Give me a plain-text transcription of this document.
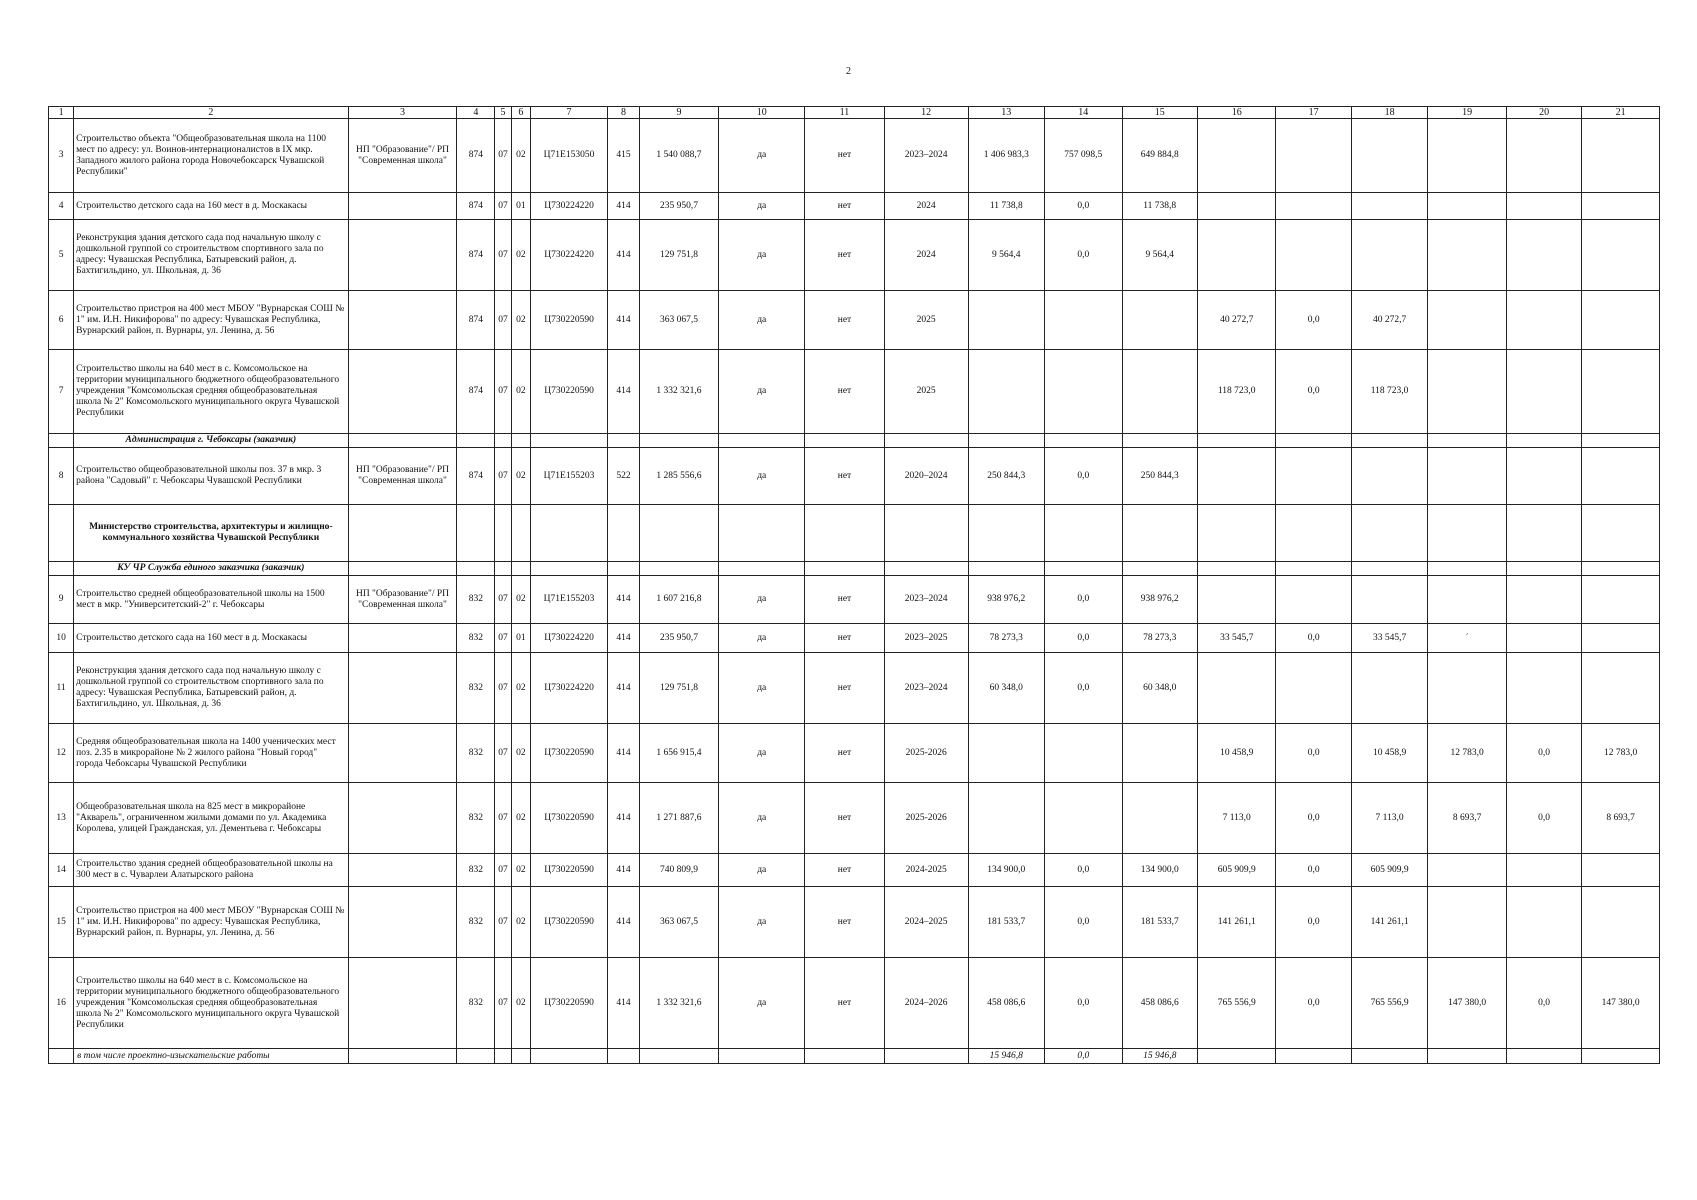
2
1	2	3	4	5	6	7	8	9	10	11	12	13	14	15	16	17	18	19	20	21
3	Строительство объекта "Общеобразовательная школа на 1100 мест по адресу: ул. Воинов-интернационалистов в IX мкр. Западного жилого района города Новочебоксарск Чувашской Республики"	НП "Образование"/ РП "Современная школа"	874	07	02	Ц71Е153050	415	1 540 088,7	да	нет	2023–2024	1 406 983,3	757 098,5	649 884,8						
4	Строительство детского сада на 160 мест в д. Москакасы		874	07	01	Ц730224220	414	235 950,7	да	нет	2024	11 738,8	0,0	11 738,8						
5	Реконструкция здания детского сада под начальную школу с дошкольной группой со строительством спортивного зала по адресу: Чувашская Республика, Батыревский район, д. Бахтигильдино, ул. Школьная, д. 36		874	07	02	Ц730224220	414	129 751,8	да	нет	2024	9 564,4	0,0	9 564,4						
6	Строительство пристроя на 400 мест МБОУ "Вурнарская СОШ № 1" им. И.Н. Никифорова" по адресу: Чувашская Республика, Вурнарский район, п. Вурнары, ул. Ленина, д. 56		874	07	02	Ц730220590	414	363 067,5	да	нет	2025				40 272,7	0,0	40 272,7			
7	Строительство школы на 640 мест в с. Комсомольское на территории муниципального бюджетного общеобразовательного учреждения "Комсомольская средняя общеобразовательная школа № 2" Комсомольского муниципального округа Чувашской Республики		874	07	02	Ц730220590	414	1 332 321,6	да	нет	2025				118 723,0	0,0	118 723,0			
	Администрация г. Чебоксары (заказчик)																			
8	Строительство общеобразовательной школы поз. 37 в мкр. 3 района "Садовый" г. Чебоксары Чувашской Республики	НП "Образование"/ РП "Современная школа"	874	07	02	Ц71Е155203	522	1 285 556,6	да	нет	2020–2024	250 844,3	0,0	250 844,3						
	Министерство строительства, архитектуры и жилищно-коммунального хозяйства Чувашской Республики																			
	КУ ЧР Служба единого заказчика (заказчик)																			
9	Строительство средней общеобразовательной школы на 1500 мест в мкр. "Университетский-2" г. Чебоксары	НП "Образование"/ РП "Современная школа"	832	07	02	Ц71Е155203	414	1 607 216,8	да	нет	2023–2024	938 976,2	0,0	938 976,2						
10	Строительство детского сада на 160 мест в д. Москакасы		832	07	01	Ц730224220	414	235 950,7	да	нет	2023–2025	78 273,3	0,0	78 273,3	33 545,7	0,0	33 545,7	´		
11	Реконструкция здания детского сада под начальную школу с дошкольной группой со строительством спортивного зала по адресу: Чувашская Республика, Батыревский район, д. Бахтигильдино, ул. Школьная, д. 36		832	07	02	Ц730224220	414	129 751,8	да	нет	2023–2024	60 348,0	0,0	60 348,0						
12	Средняя общеобразовательная школа на 1400 ученических мест поз. 2.35 в микрорайоне № 2 жилого района "Новый город" города Чебоксары Чувашской Республики		832	07	02	Ц730220590	414	1 656 915,4	да	нет	2025-2026				10 458,9	0,0	10 458,9	12 783,0	0,0	12 783,0
13	Общеобразовательная школа на 825 мест в микрорайоне "Акварель", ограниченном жилыми домами по ул. Академика Королева, улицей Гражданская, ул. Дементьева г. Чебоксары		832	07	02	Ц730220590	414	1 271 887,6	да	нет	2025-2026				7 113,0	0,0	7 113,0	8 693,7	0,0	8 693,7
14	Строительство здания средней общеобразовательной школы на 300 мест в с. Чуварлеи Алатырского района		832	07	02	Ц730220590	414	740 809,9	да	нет	2024-2025	134 900,0	0,0	134 900,0	605 909,9	0,0	605 909,9			
15	Строительство пристроя на 400 мест МБОУ "Вурнарская СОШ № 1" им. И.Н. Никифорова" по адресу: Чувашская Республика, Вурнарский район, п. Вурнары, ул. Ленина, д. 56		832	07	02	Ц730220590	414	363 067,5	да	нет	2024–2025	181 533,7	0,0	181 533,7	141 261,1	0,0	141 261,1			
16	Строительство школы на 640 мест в с. Комсомольское на территории муниципального бюджетного общеобразовательного учреждения "Комсомольская средняя общеобразовательная школа № 2" Комсомольского муниципального округа Чувашской Республики		832	07	02	Ц730220590	414	1 332 321,6	да	нет	2024–2026	458 086,6	0,0	458 086,6	765 556,9	0,0	765 556,9	147 380,0	0,0	147 380,0
	в том числе проектно-изыскательские работы											15 946,8	0,0	15 946,8						
